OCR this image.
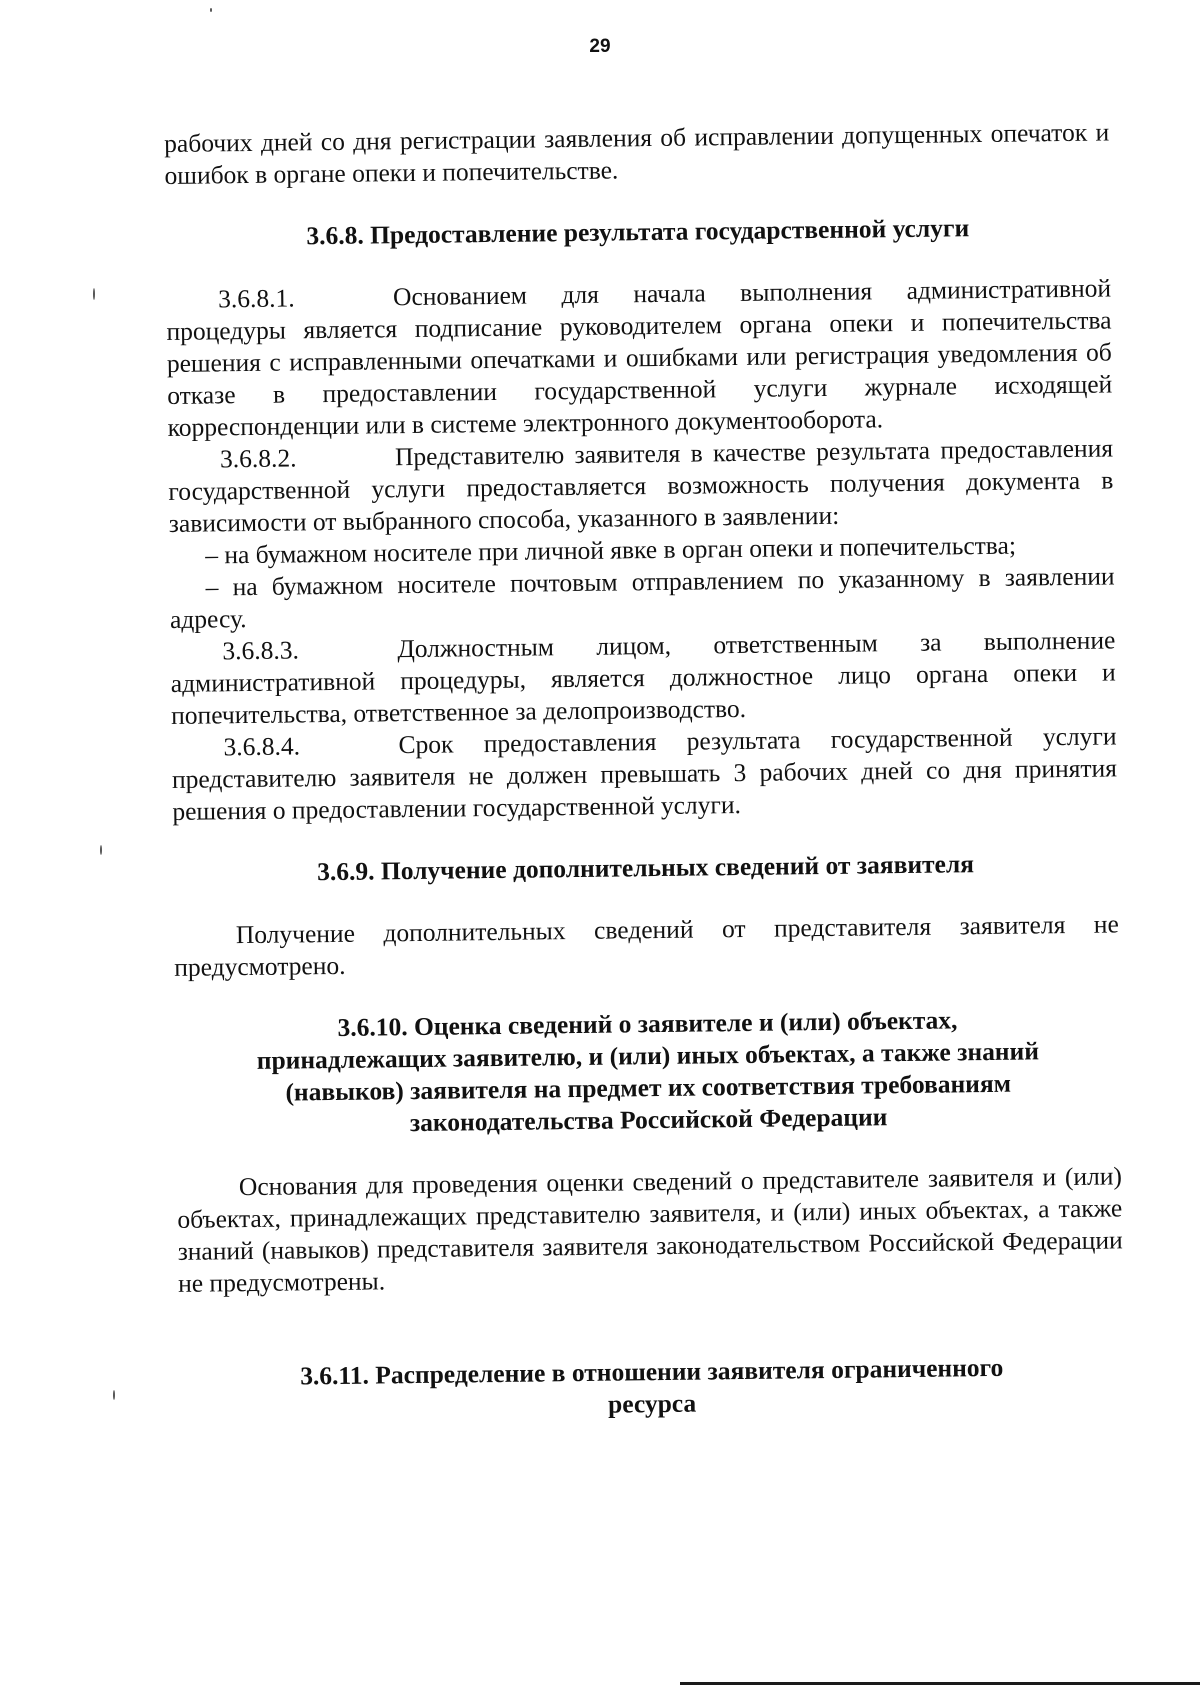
29

рабочих дней со дня регистрации заявления об исправлении допущенных опечаток и ошибок в органе опеки и попечительстве.

3.6.8. Предоставление результата государственной услуги

3.6.8.1.	Основанием для начала выполнения административной процедуры является подписание руководителем органа опеки и попечительства решения с исправленными опечатками и ошибками или регистрация уведомления об отказе в предоставлении государственной услуги журнале исходящей корреспонденции или в системе электронного документооборота.

3.6.8.2.	Представителю заявителя в качестве результата предоставления государственной услуги предоставляется возможность получения документа в зависимости от выбранного способа, указанного в заявлении:

– на бумажном носителе при личной явке в орган опеки и попечительства;

– на бумажном носителе почтовым отправлением по указанному в заявлении адресу.

3.6.8.3.	Должностным лицом, ответственным за выполнение административной процедуры, является должностное лицо органа опеки и попечительства, ответственное за делопроизводство.

3.6.8.4.	Срок предоставления результата государственной услуги представителю заявителя не должен превышать 3 рабочих дней со дня принятия решения о предоставлении государственной услуги.

3.6.9. Получение дополнительных сведений от заявителя

Получение дополнительных сведений от представителя заявителя не предусмотрено.

3.6.10. Оценка сведений о заявителе и (или) объектах,

принадлежащих заявителю, и (или) иных объектах, а также знаний

(навыков) заявителя на предмет их соответствия требованиям

законодательства Российской Федерации

Основания для проведения оценки сведений о представителе заявителя и (или) объектах, принадлежащих представителю заявителя, и (или) иных объектах, а также знаний (навыков) представителя заявителя законодательством Российской Федерации не предусмотрены.

3.6.11. Распределение в отношении заявителя ограниченного

ресурса
